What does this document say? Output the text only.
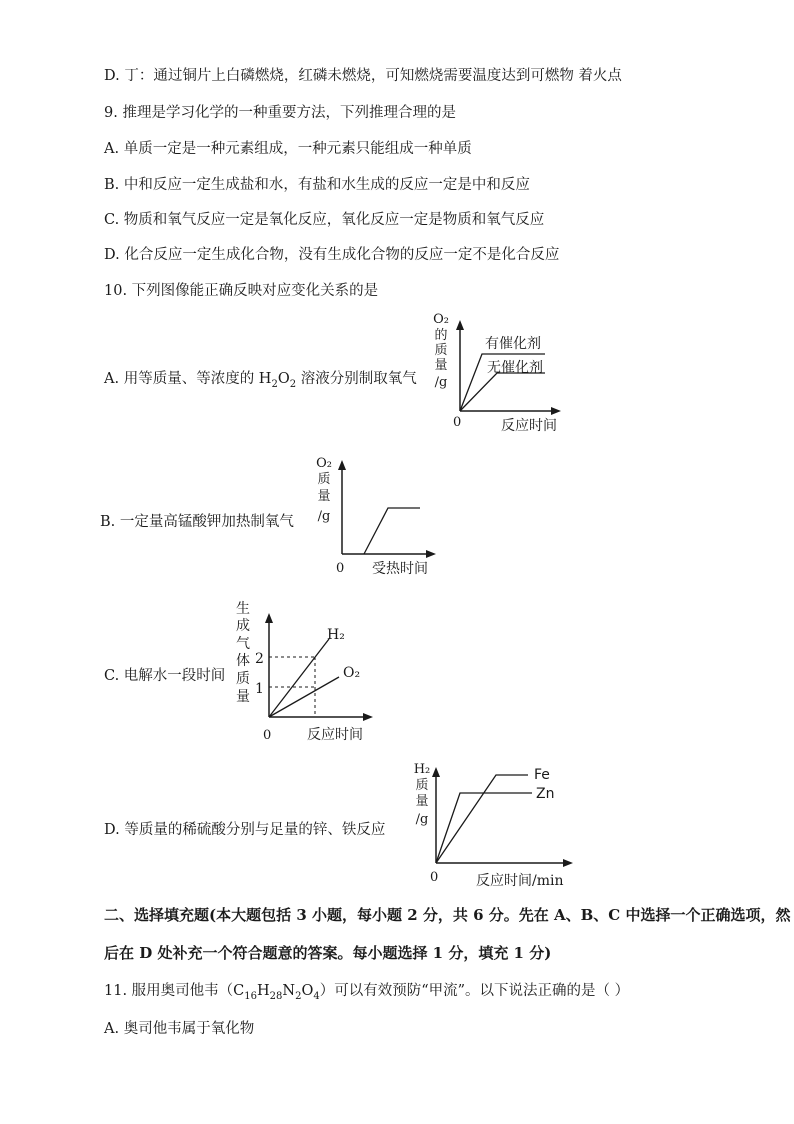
D. 丁：通过铜片上白磷燃烧，红磷未燃烧，可知燃烧需要温度达到可燃物 着火点
9. 推理是学习化学的一种重要方法，下列推理合理的是
A. 单质一定是一种元素组成，一种元素只能组成一种单质
B. 中和反应一定生成盐和水，有盐和水生成的反应一定是中和反应
C. 物质和氧气反应一定是氧化反应，氧化反应一定是物质和氧气反应
D. 化合反应一定生成化合物，没有生成化合物的反应一定不是化合反应
10. 下列图像能正确反映对应变化关系的是
A. 用等质量、等浓度的 $H_2O_2$ 溶液分别制取氧气
B. 一定量高锰酸钾加热制氧气
C. 电解水一段时间
D. 等质量的稀硫酸分别与足量的锌、铁反应
二、选择填充题(本大题包括 3 小题，每小题 2 分，共 6 分。先在 A、B、C 中选择一个正确选项，然
后在 D 处补充一个符合题意的答案。每小题选择 1 分，填充 1 分)
11. 服用奥司他韦$(C_{16}H_{28}N_2O_4)$可以有效预防“甲流”。以下说法正确的是（ ）
A. 奥司他韦属于氧化物
O₂
的
质
量
/g
有催化剂
无催化剂
0	反应时间
O₂
质
量
/g
0 受热时间
生
成
气
体
质
量
2
1
H₂
O₂
0	反应时间
H₂
质
量
/g
Fe
Zn
0	反应时间/min
